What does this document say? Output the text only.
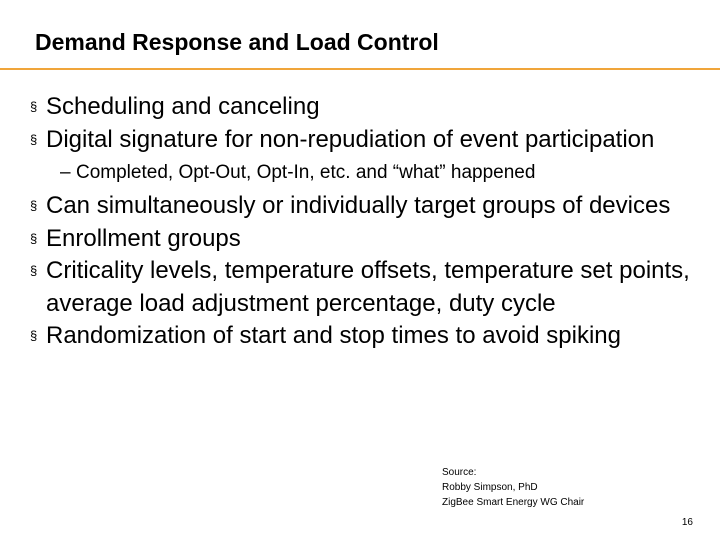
Demand Response and Load Control
§ Scheduling and canceling
§ Digital signature for non-repudiation of event participation
– Completed, Opt-Out, Opt-In, etc. and “what” happened
§ Can simultaneously or individually target groups of devices
§ Enrollment groups
§ Criticality levels, temperature offsets, temperature set points, average load adjustment percentage, duty cycle
§ Randomization of start and stop times to avoid spiking
Source:
Robby Simpson, PhD
ZigBee Smart Energy WG Chair
16
